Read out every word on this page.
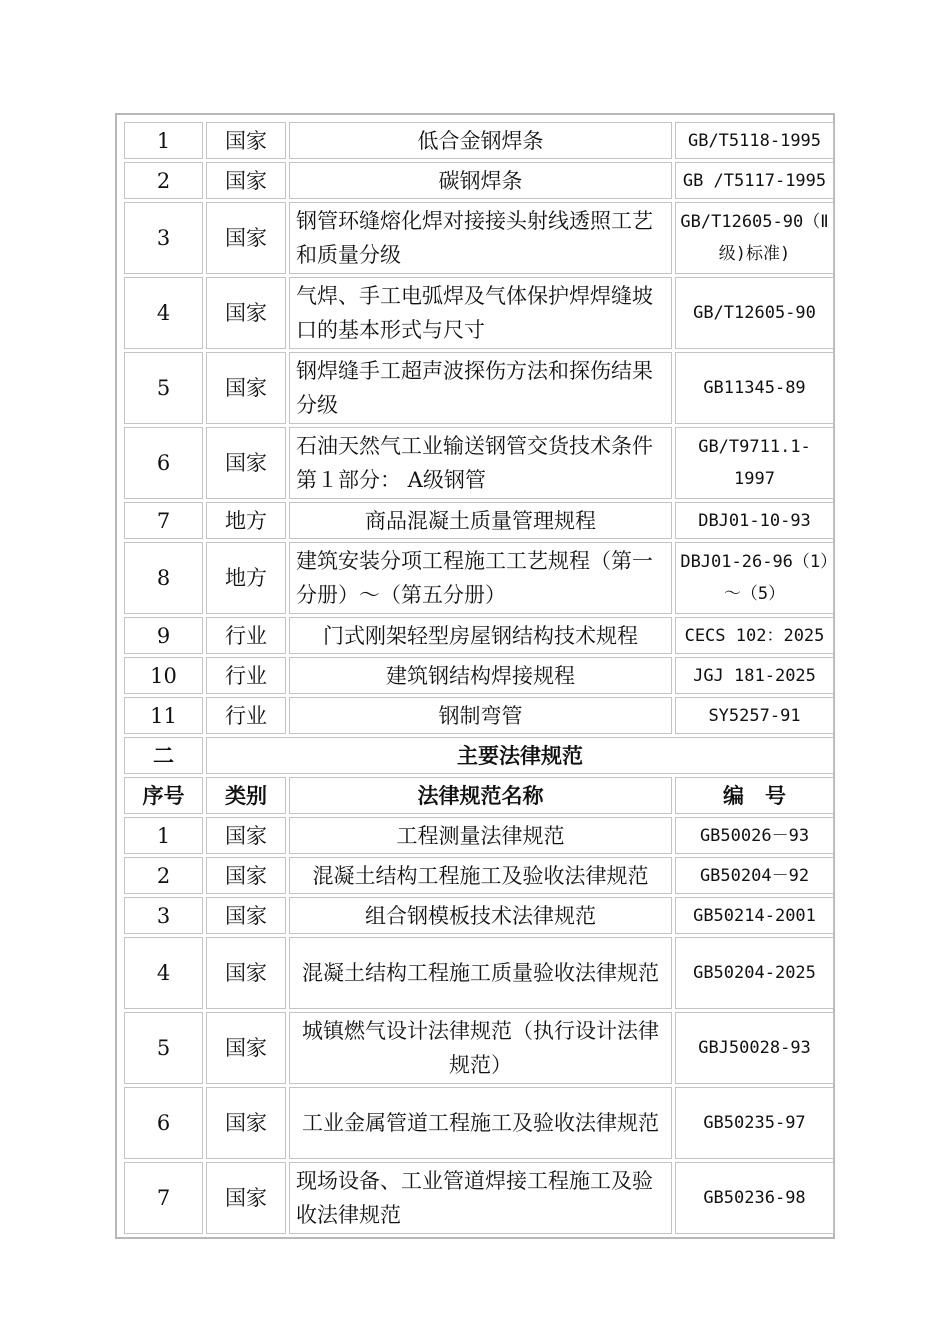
1	国家	低合金钢焊条	GB/T5118-1995
2	国家	碳钢焊条	GB /T5117-1995
3	国家	钢管环缝熔化焊对接接头射线透照工艺和质量分级	GB/T12605-90（Ⅱ级)标准)
4	国家	气焊、手工电弧焊及气体保护焊焊缝坡口的基本形式与尺寸	GB/T12605-90
5	国家	钢焊缝手工超声波探伤方法和探伤结果分级	GB11345-89
6	国家	石油天然气工业输送钢管交货技术条件第１部分： A级钢管	GB/T9711.1-1997
7	地方	商品混凝土质量管理规程	DBJ01-10-93
8	地方	建筑安装分项工程施工工艺规程（第一分册）～（第五分册）	DBJ01-26-96（1）～（5）
9	行业	门式刚架轻型房屋钢结构技术规程	CECS 102：2025
10	行业	建筑钢结构焊接规程	JGJ 181-2025
11	行业	钢制弯管	SY5257-91
二	主要法律规范		
序号	类别	法律规范名称	编　号
1	国家	工程测量法律规范	GB50026－93
2	国家	混凝土结构工程施工及验收法律规范	GB50204－92
3	国家	组合钢模板技术法律规范	GB50214-2001
4	国家	混凝土结构工程施工质量验收法律规范	GB50204-2025
5	国家	城镇燃气设计法律规范（执行设计法律规范）	GBJ50028-93
6	国家	工业金属管道工程施工及验收法律规范	GB50235-97
7	国家	现场设备、工业管道焊接工程施工及验收法律规范	GB50236-98
